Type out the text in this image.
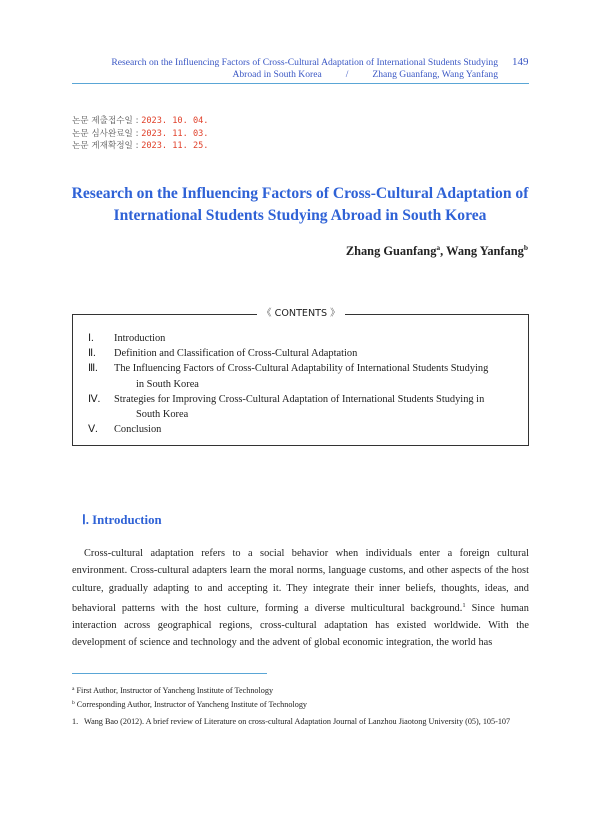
Research on the Influencing Factors of Cross-Cultural Adaptation of International Students Studying
Abroad in South Korea	/	Zhang Guanfang, Wang Yanfang
149
논문 제출접수일 : 2023. 10. 04.
논문 심사완료일 : 2023. 11. 03.
논문 게재확정일 : 2023. 11. 25.
Research on the Influencing Factors of Cross-Cultural Adaptation of
International Students Studying Abroad in South Korea
Zhang Guanfang$^a$, Wang Yanfang$^b$
《 CONTENTS 》
Ⅰ.	Introduction
Ⅱ.	Definition and Classification of Cross-Cultural Adaptation
Ⅲ.	The Influencing Factors of Cross-Cultural Adaptability of International Students Studying
in South Korea
Ⅳ.	Strategies for Improving Cross-Cultural Adaptation of International Students Studying in
South Korea
Ⅴ.	Conclusion
Ⅰ. Introduction

Cross-cultural adaptation refers to a social behavior when individuals enter a foreign cultural environment. Cross-cultural adapters learn the moral norms, language customs, and other aspects of the host culture, gradually adapting to and accepting it. They integrate their inner beliefs, thoughts, ideas, and behavioral patterns with the host culture, forming a diverse multicultural background.$^1$ Since human interaction across geographical regions, cross-cultural adaptation has existed worldwide. With the development of science and technology and the advent of global economic integration, the world has

$^a$ First Author, Instructor of Yancheng Institute of Technology
$^b$ Corresponding Author, Instructor of Yancheng Institute of Technology
1. Wang Bao (2012). A brief review of Literature on cross-cultural Adaptation Journal of Lanzhou Jiaotong University (05), 105-107
